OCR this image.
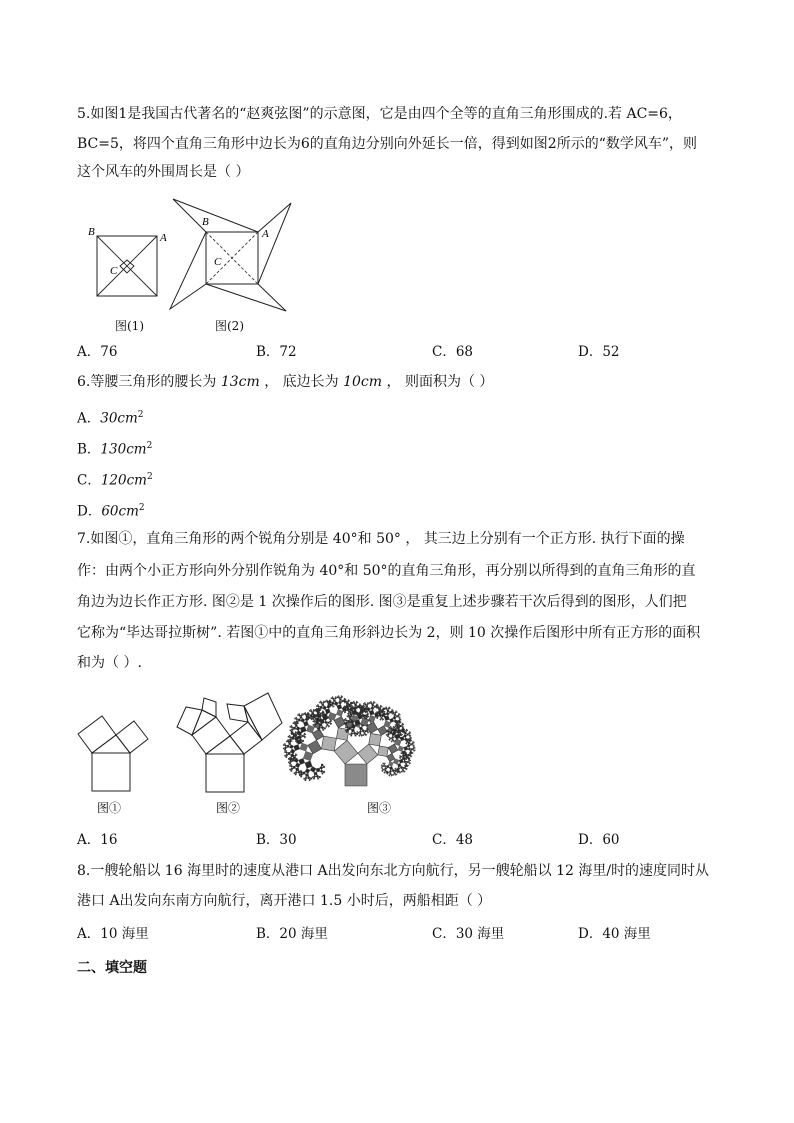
5.如图1是我国古代著名的“赵爽弦图”的示意图，它是由四个全等的直角三角形围成的.若 AC=6，
BC=5，将四个直角三角形中边长为6的直角边分别向外延长一倍，得到如图2所示的“数学风车”，则
这个风车的外围周长是（ ）
B	A
C
图(1)
B
A
C
图(2)
A．76	B．72	C．68	D．52
6.等腰三角形的腰长为 13cm ， 底边长为 10cm ， 则面积为（ ）
A．$30cm^2$
B．$130cm^2$
C．$120cm^2$
D．$60cm^2$
7.如图①，直角三角形的两个锐角分别是 40°和 50° ， 其三边上分别有一个正方形. 执行下面的操
作：由两个小正方形向外分别作锐角为 40°和 50°的直角三角形，再分别以所得到的直角三角形的直
角边为边长作正方形. 图②是 1 次操作后的图形. 图③是重复上述步骤若干次后得到的图形，人们把
它称为“毕达哥拉斯树”. 若图①中的直角三角形斜边长为 2，则 10 次操作后图形中所有正方形的面积
和为（ ）.
图①	图②	图③
A．16	B．30	C．48	D．60
8.一艘轮船以 16 海里时的速度从港口 A出发向东北方向航行，另一艘轮船以 12 海里/时的速度同时从
港口 A出发向东南方向航行，离开港口 1.5 小时后，两船相距（ ）
A．10 海里	B．20 海里	C．30 海里	D．40 海里
二、填空题
